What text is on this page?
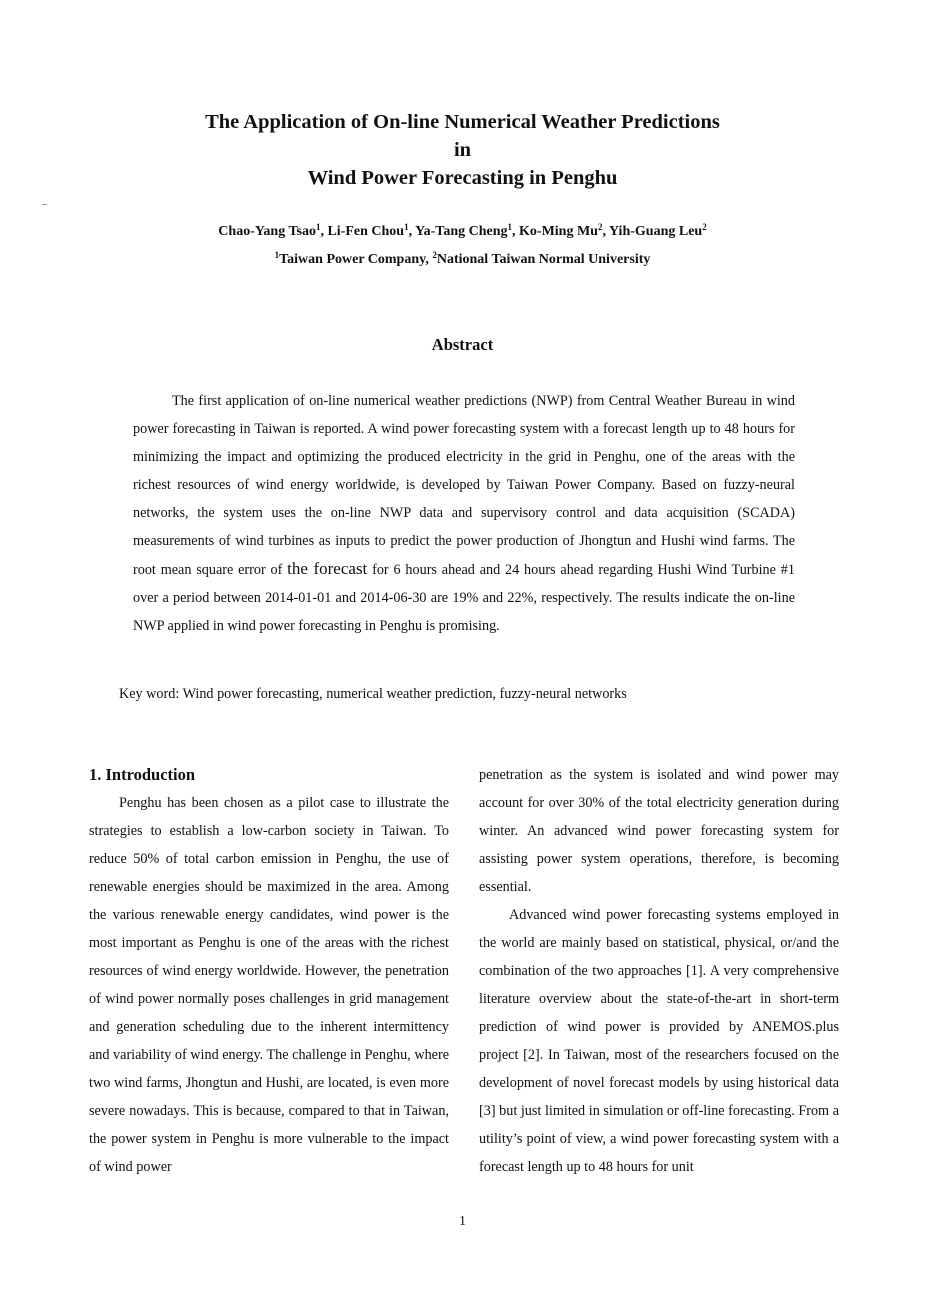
The Application of On-line Numerical Weather Predictions
in
Wind Power Forecasting in Penghu
–
Chao-Yang Tsao$^1$, Li-Fen Chou$^1$, Ya-Tang Cheng$^1$, Ko-Ming Mu$^2$, Yih-Guang Leu$^2$
$^1$Taiwan Power Company, $^2$National Taiwan Normal University
Abstract
The first application of on-line numerical weather predictions (NWP) from Central Weather Bureau in wind power forecasting in Taiwan is reported. A wind power forecasting system with a forecast length up to 48 hours for minimizing the impact and optimizing the produced electricity in the grid in Penghu, one of the areas with the richest resources of wind energy worldwide, is developed by Taiwan Power Company. Based on fuzzy-neural networks, the system uses the on-line NWP data and supervisory control and data acquisition (SCADA) measurements of wind turbines as inputs to predict the power production of Jhongtun and Hushi wind farms. The root mean square error of the forecast for 6 hours ahead and 24 hours ahead regarding Hushi Wind Turbine #1 over a period between 2014-01-01 and 2014-06-30 are 19% and 22%, respectively. The results indicate the on-line NWP applied in wind power forecasting in Penghu is promising.
Key word: Wind power forecasting, numerical weather prediction, fuzzy-neural networks

1. Introduction

Penghu has been chosen as a pilot case to illustrate the strategies to establish a low-carbon society in Taiwan. To reduce 50% of total carbon emission in Penghu, the use of renewable energies should be maximized in the area. Among the various renewable energy candidates, wind power is the most important as Penghu is one of the areas with the richest resources of wind energy worldwide. However, the penetration of wind power normally poses challenges in grid management and generation scheduling due to the inherent intermittency and variability of wind energy. The challenge in Penghu, where two wind farms, Jhongtun and Hushi, are located, is even more severe nowadays. This is because, compared to that in Taiwan, the power system in Penghu is more vulnerable to the impact of wind power

penetration as the system is isolated and wind power may account for over 30% of the total electricity generation during winter. An advanced wind power forecasting system for assisting power system operations, therefore, is becoming essential.

Advanced wind power forecasting systems employed in the world are mainly based on statistical, physical, or/and the combination of the two approaches [1]. A very comprehensive literature overview about the state-of-the-art in short-term prediction of wind power is provided by ANEMOS.plus project [2]. In Taiwan, most of the researchers focused on the development of novel forecast models by using historical data [3] but just limited in simulation or off-line forecasting. From a utility’s point of view, a wind power forecasting system with a forecast length up to 48 hours for unit

1
